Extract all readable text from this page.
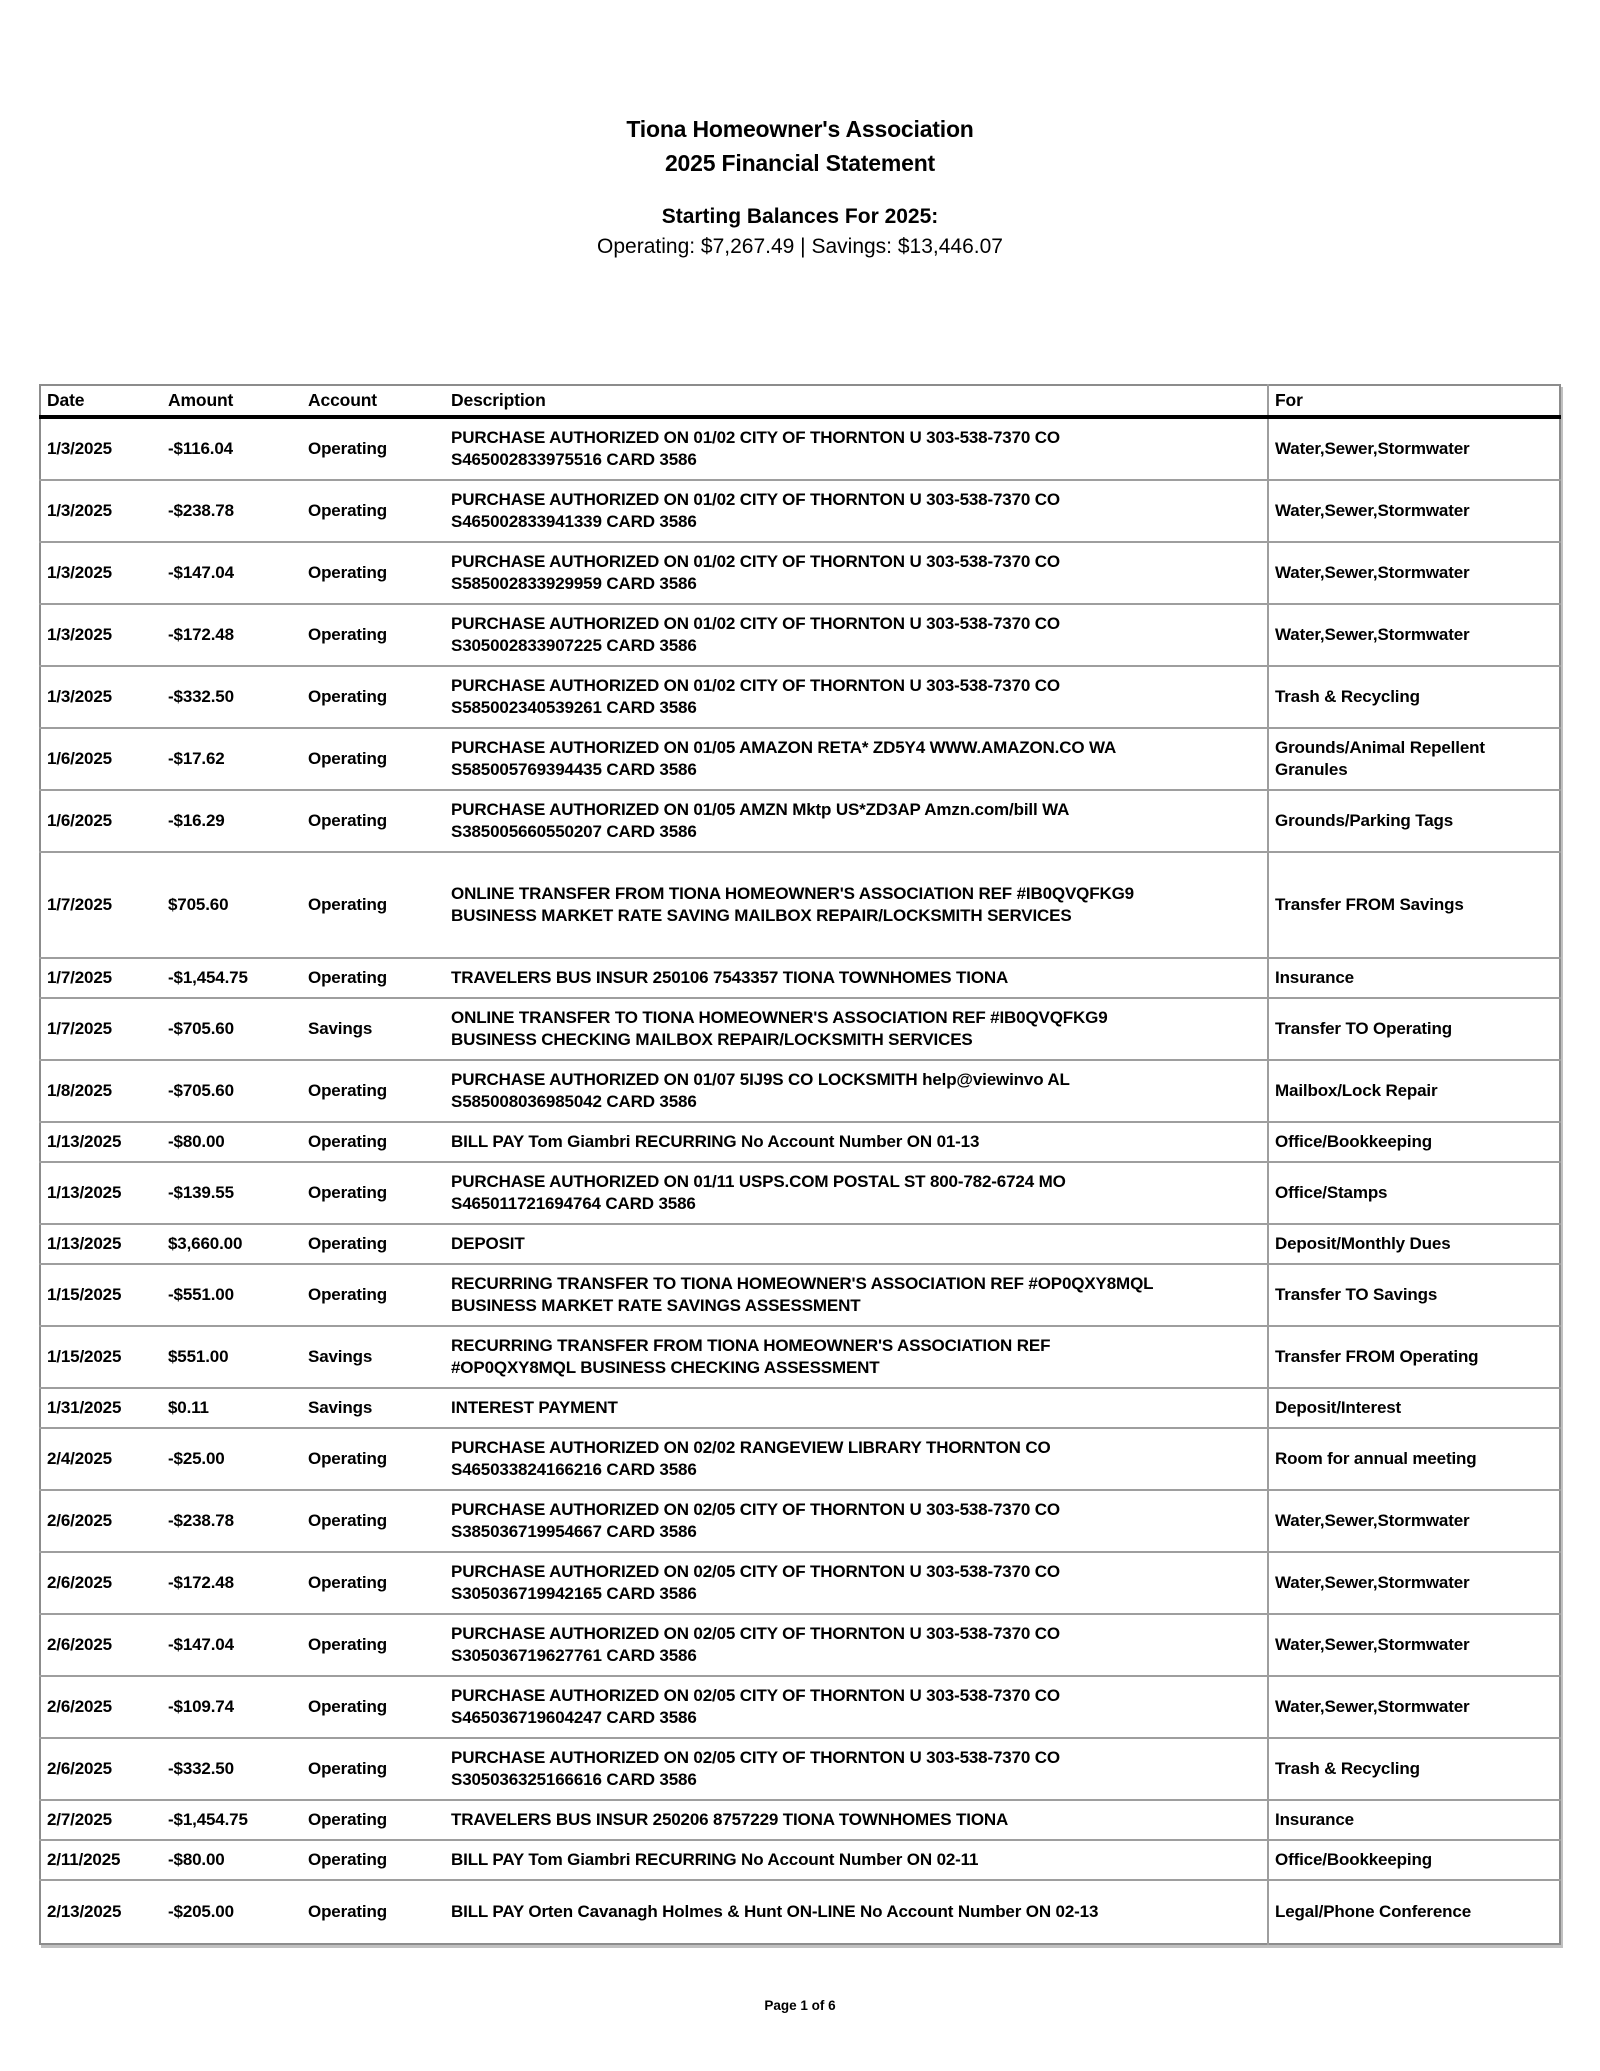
Tiona Homeowner's Association
2025 Financial Statement
Starting Balances For 2025:
Operating: $7,267.49 | Savings: $13,446.07
Date	Amount	Account	Description	For
1/3/2025	-$116.04	Operating	PURCHASE AUTHORIZED ON 01/02 CITY OF THORNTON U 303-538-7370 CO
S465002833975516 CARD 3586	Water,Sewer,Stormwater
1/3/2025	-$238.78	Operating	PURCHASE AUTHORIZED ON 01/02 CITY OF THORNTON U 303-538-7370 CO
S465002833941339 CARD 3586	Water,Sewer,Stormwater
1/3/2025	-$147.04	Operating	PURCHASE AUTHORIZED ON 01/02 CITY OF THORNTON U 303-538-7370 CO
S585002833929959 CARD 3586	Water,Sewer,Stormwater
1/3/2025	-$172.48	Operating	PURCHASE AUTHORIZED ON 01/02 CITY OF THORNTON U 303-538-7370 CO
S305002833907225 CARD 3586	Water,Sewer,Stormwater
1/3/2025	-$332.50	Operating	PURCHASE AUTHORIZED ON 01/02 CITY OF THORNTON U 303-538-7370 CO
S585002340539261 CARD 3586	Trash & Recycling
1/6/2025	-$17.62	Operating	PURCHASE AUTHORIZED ON 01/05 AMAZON RETA* ZD5Y4 WWW.AMAZON.CO WA
S585005769394435 CARD 3586	Grounds/Animal Repellent Granules
1/6/2025	-$16.29	Operating	PURCHASE AUTHORIZED ON 01/05 AMZN Mktp US*ZD3AP Amzn.com/bill WA
S385005660550207 CARD 3586	Grounds/Parking Tags
1/7/2025	$705.60	Operating	ONLINE TRANSFER FROM TIONA HOMEOWNER'S ASSOCIATION REF #IB0QVQFKG9
BUSINESS MARKET RATE SAVING MAILBOX REPAIR/LOCKSMITH SERVICES	Transfer FROM Savings
1/7/2025	-$1,454.75	Operating	TRAVELERS BUS INSUR 250106 7543357 TIONA TOWNHOMES TIONA	Insurance
1/7/2025	-$705.60	Savings	ONLINE TRANSFER TO TIONA HOMEOWNER'S ASSOCIATION REF #IB0QVQFKG9
BUSINESS CHECKING MAILBOX REPAIR/LOCKSMITH SERVICES	Transfer TO Operating
1/8/2025	-$705.60	Operating	PURCHASE AUTHORIZED ON 01/07 5IJ9S CO LOCKSMITH help@viewinvo AL
S585008036985042 CARD 3586	Mailbox/Lock Repair
1/13/2025	-$80.00	Operating	BILL PAY Tom Giambri RECURRING No Account Number ON 01-13	Office/Bookkeeping
1/13/2025	-$139.55	Operating	PURCHASE AUTHORIZED ON 01/11 USPS.COM POSTAL ST 800-782-6724 MO
S465011721694764 CARD 3586	Office/Stamps
1/13/2025	$3,660.00	Operating	DEPOSIT	Deposit/Monthly Dues
1/15/2025	-$551.00	Operating	RECURRING TRANSFER TO TIONA HOMEOWNER'S ASSOCIATION REF #OP0QXY8MQL
BUSINESS MARKET RATE SAVINGS ASSESSMENT	Transfer TO Savings
1/15/2025	$551.00	Savings	RECURRING TRANSFER FROM TIONA HOMEOWNER'S ASSOCIATION REF
#OP0QXY8MQL BUSINESS CHECKING ASSESSMENT	Transfer FROM Operating
1/31/2025	$0.11	Savings	INTEREST PAYMENT	Deposit/Interest
2/4/2025	-$25.00	Operating	PURCHASE AUTHORIZED ON 02/02 RANGEVIEW LIBRARY THORNTON CO
S465033824166216 CARD 3586	Room for annual meeting
2/6/2025	-$238.78	Operating	PURCHASE AUTHORIZED ON 02/05 CITY OF THORNTON U 303-538-7370 CO
S385036719954667 CARD 3586	Water,Sewer,Stormwater
2/6/2025	-$172.48	Operating	PURCHASE AUTHORIZED ON 02/05 CITY OF THORNTON U 303-538-7370 CO
S305036719942165 CARD 3586	Water,Sewer,Stormwater
2/6/2025	-$147.04	Operating	PURCHASE AUTHORIZED ON 02/05 CITY OF THORNTON U 303-538-7370 CO
S305036719627761 CARD 3586	Water,Sewer,Stormwater
2/6/2025	-$109.74	Operating	PURCHASE AUTHORIZED ON 02/05 CITY OF THORNTON U 303-538-7370 CO
S465036719604247 CARD 3586	Water,Sewer,Stormwater
2/6/2025	-$332.50	Operating	PURCHASE AUTHORIZED ON 02/05 CITY OF THORNTON U 303-538-7370 CO
S305036325166616 CARD 3586	Trash & Recycling
2/7/2025	-$1,454.75	Operating	TRAVELERS BUS INSUR 250206 8757229 TIONA TOWNHOMES TIONA	Insurance
2/11/2025	-$80.00	Operating	BILL PAY Tom Giambri RECURRING No Account Number ON 02-11	Office/Bookkeeping
2/13/2025	-$205.00	Operating	BILL PAY Orten Cavanagh Holmes & Hunt ON-LINE No Account Number ON 02-13	Legal/Phone Conference
Page 1 of 6
